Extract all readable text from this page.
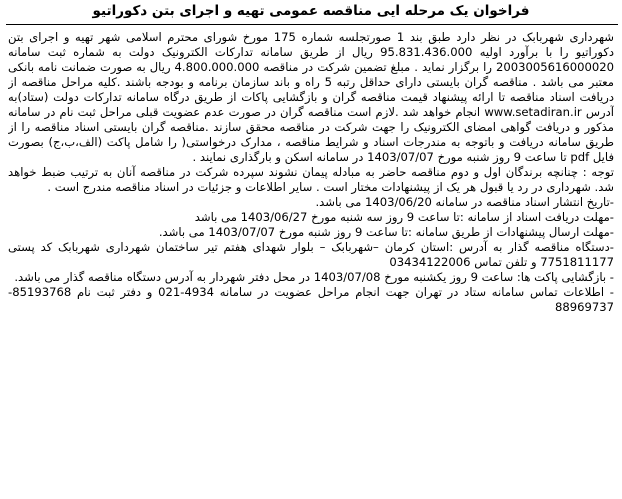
فراخوان یک مرحله ایی مناقصه عمومی تهیه و اجرای بتن دکوراتیو

شهرداری شهربابک در نظر دارد طبق بند 1 صورتجلسه شماره 175 مورخ شورای محترم اسلامی شهر تهیه و اجرای بتن دکوراتیو را با برآورد اولیه 95.831.436.000 ریال از طریق سامانه تدارکات الکترونیک دولت به شماره ثبت سامانه 2003005616000020 را برگزار نماید . مبلغ تضمین شرکت در مناقصه 4.800.000.000 ریال به صورت ضمانت نامه بانکی معتبر می باشد . مناقصه گران بایستی دارای حداقل رتبه 5 راه و باند سازمان برنامه و بودجه باشند .کلیه مراحل مناقصه از دریافت اسناد مناقصه تا ارائه پیشنهاد قیمت مناقصه گران و بازگشایی پاکات از طریق درگاه سامانه تدارکات دولت (ستاد)به آدرس www.setadiran.ir انجام خواهد شد .لازم است مناقصه گران در صورت عدم عضویت قبلی مراحل ثبت نام در سامانه مذکور و دریافت گواهی امضای الکترونیک را جهت شرکت در مناقصه محقق سازند .مناقصه گران بایستی اسناد مناقصه را از طریق سامانه دریافت و باتوجه به مندرجات اسناد و شرایط مناقصه ، مدارک درخواستی( را شامل پاکت (الف،ب،ج) بصورت فایل pdf تا ساعت 9 روز شنبه مورخ 1403/07/07 در سامانه اسکن و بارگذاری نمایند .

توجه : چنانچه برندگان اول و دوم مناقصه حاضر به مبادله پیمان نشوند سپرده شرکت در مناقصه آنان به ترتیب ضبط خواهد شد. شهرداری در رد یا قبول هر یک از پیشنهادات مختار است . سایر اطلاعات و جزئیات در اسناد مناقصه مندرج است .

-تاریخ انتشار اسناد مناقصه در سامانه 1403/06/20 می باشد.

-مهلت دریافت اسناد از سامانه :تا ساعت 9 روز سه شنبه مورخ 1403/06/27 می باشد

-مهلت ارسال پیشنهادات از طریق سامانه :تا ساعت 9 روز شنبه مورخ 1403/07/07 می باشد.

-دستگاه مناقصه گذار به آدرس :استان کرمان –شهربابک – بلوار شهدای هفتم تیر ساختمان شهرداری شهربابک کد پستی 7751811177 و تلفن تماس 03434122006

- بازگشایی پاکت ها: ساعت 9 روز یکشنبه مورخ 1403/07/08 در محل دفتر شهردار به آدرس دستگاه مناقصه گذار می باشد.

- اطلاعات تماس سامانه ستاد در تهران جهت انجام مراحل عضویت در سامانه 4934-021 و دفتر ثبت نام 85193768-88969737
